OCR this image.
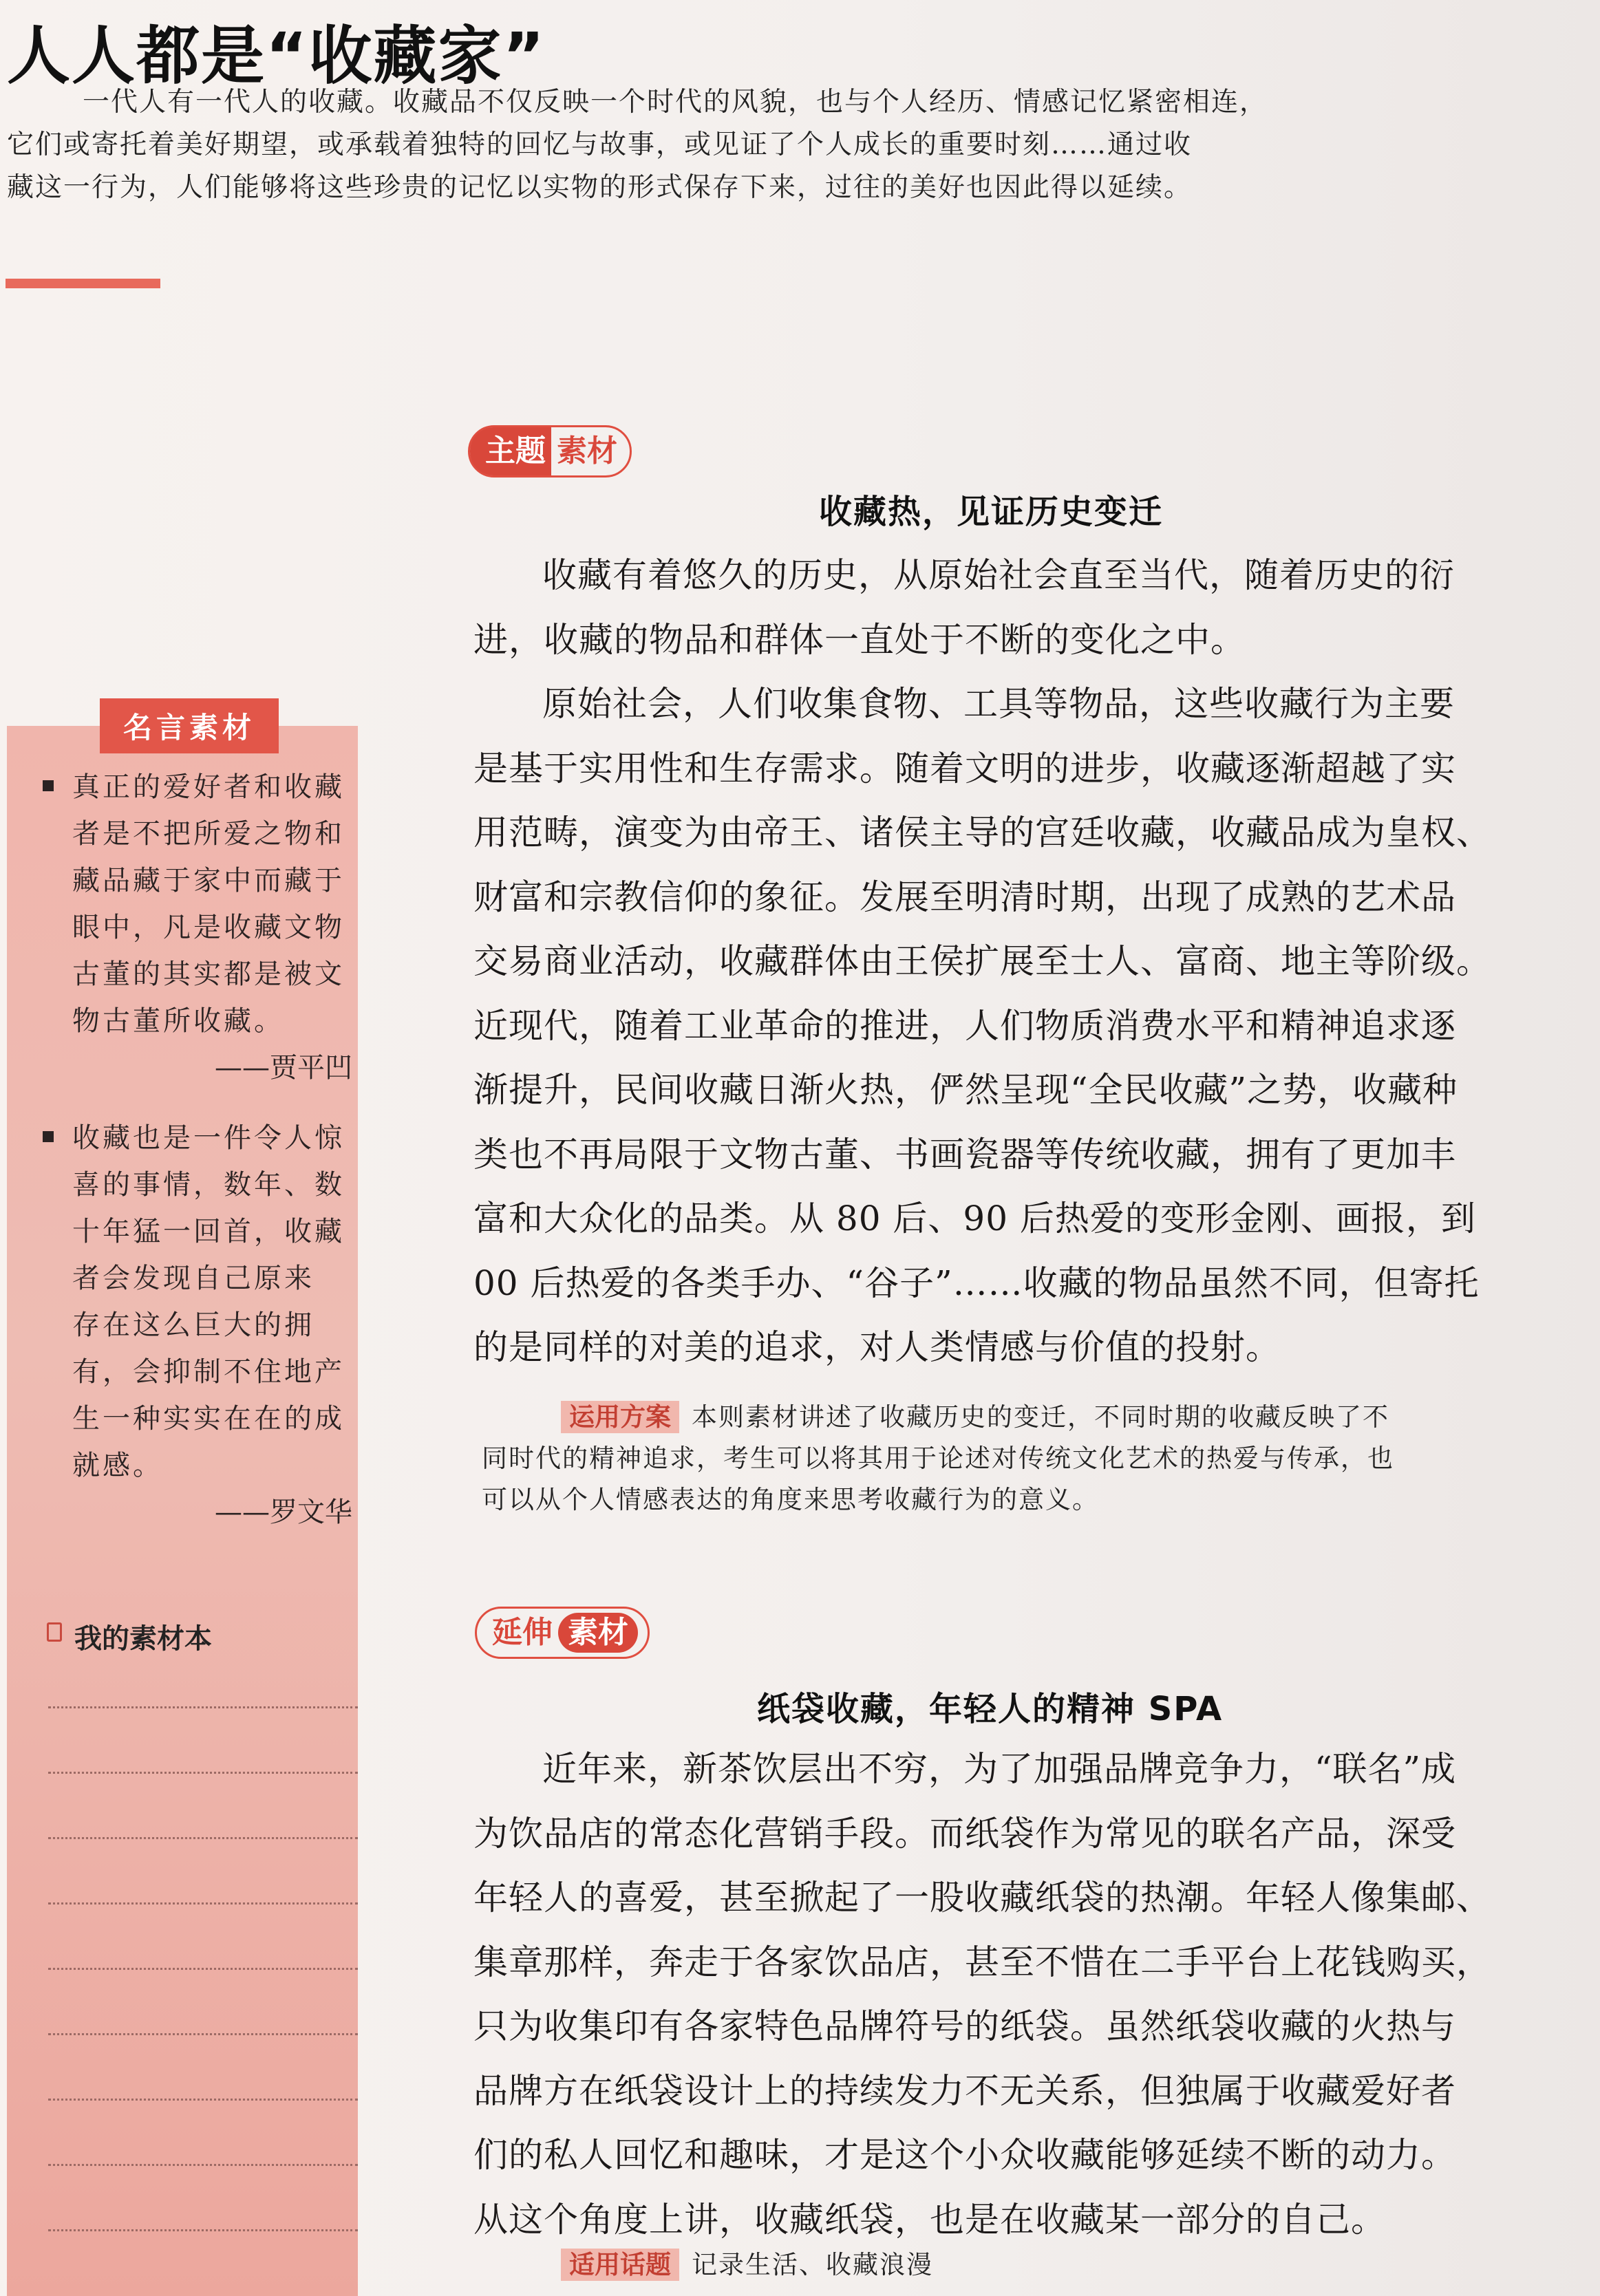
人人都是“收藏家”

一代人有一代人的收藏。收藏品不仅反映一个时代的风貌，也与个人经历、情感记忆紧密相连，

它们或寄托着美好期望，或承载着独特的回忆与故事，或见证了个人成长的重要时刻……通过收

藏这一行为，人们能够将这些珍贵的记忆以实物的形式保存下来，过往的美好也因此得以延续。

名言素材
真正的爱好者和收藏
者是不把所爱之物和
藏品藏于家中而藏于
眼中，凡是收藏文物
古董的其实都是被文
物古董所收藏。
——贾平凹
收藏也是一件令人惊
喜的事情，数年、数
十年猛一回首，收藏
者会发现自己原来
存在这么巨大的拥
有，会抑制不住地产
生一种实实在在的成
就感。
——罗文华
我的素材本
主题 素材
收藏热，见证历史变迁

收藏有着悠久的历史，从原始社会直至当代，随着历史的衍

进，收藏的物品和群体一直处于不断的变化之中。

原始社会，人们收集食物、工具等物品，这些收藏行为主要

是基于实用性和生存需求。随着文明的进步，收藏逐渐超越了实

用范畴，演变为由帝王、诸侯主导的宫廷收藏，收藏品成为皇权、

财富和宗教信仰的象征。发展至明清时期，出现了成熟的艺术品

交易商业活动，收藏群体由王侯扩展至士人、富商、地主等阶级。

近现代，随着工业革命的推进，人们物质消费水平和精神追求逐

渐提升，民间收藏日渐火热，俨然呈现“全民收藏”之势，收藏种

类也不再局限于文物古董、书画瓷器等传统收藏，拥有了更加丰

富和大众化的品类。从 80 后、90 后热爱的变形金刚、画报，到

00 后热爱的各类手办、“谷子”……收藏的物品虽然不同，但寄托

的是同样的对美的追求，对人类情感与价值的投射。

运用方案 本则素材讲述了收藏历史的变迁，不同时期的收藏反映了不
同时代的精神追求，考生可以将其用于论述对传统文化艺术的热爱与传承，也
可以从个人情感表达的角度来思考收藏行为的意义。
延伸 素材
纸袋收藏，年轻人的精神 SPA

近年来，新茶饮层出不穷，为了加强品牌竞争力，“联名”成

为饮品店的常态化营销手段。而纸袋作为常见的联名产品，深受

年轻人的喜爱，甚至掀起了一股收藏纸袋的热潮。年轻人像集邮、

集章那样，奔走于各家饮品店，甚至不惜在二手平台上花钱购买，

只为收集印有各家特色品牌符号的纸袋。虽然纸袋收藏的火热与

品牌方在纸袋设计上的持续发力不无关系，但独属于收藏爱好者

们的私人回忆和趣味，才是这个小众收藏能够延续不断的动力。

从这个角度上讲，收藏纸袋，也是在收藏某一部分的自己。

适用话题 记录生活、收藏浪漫
